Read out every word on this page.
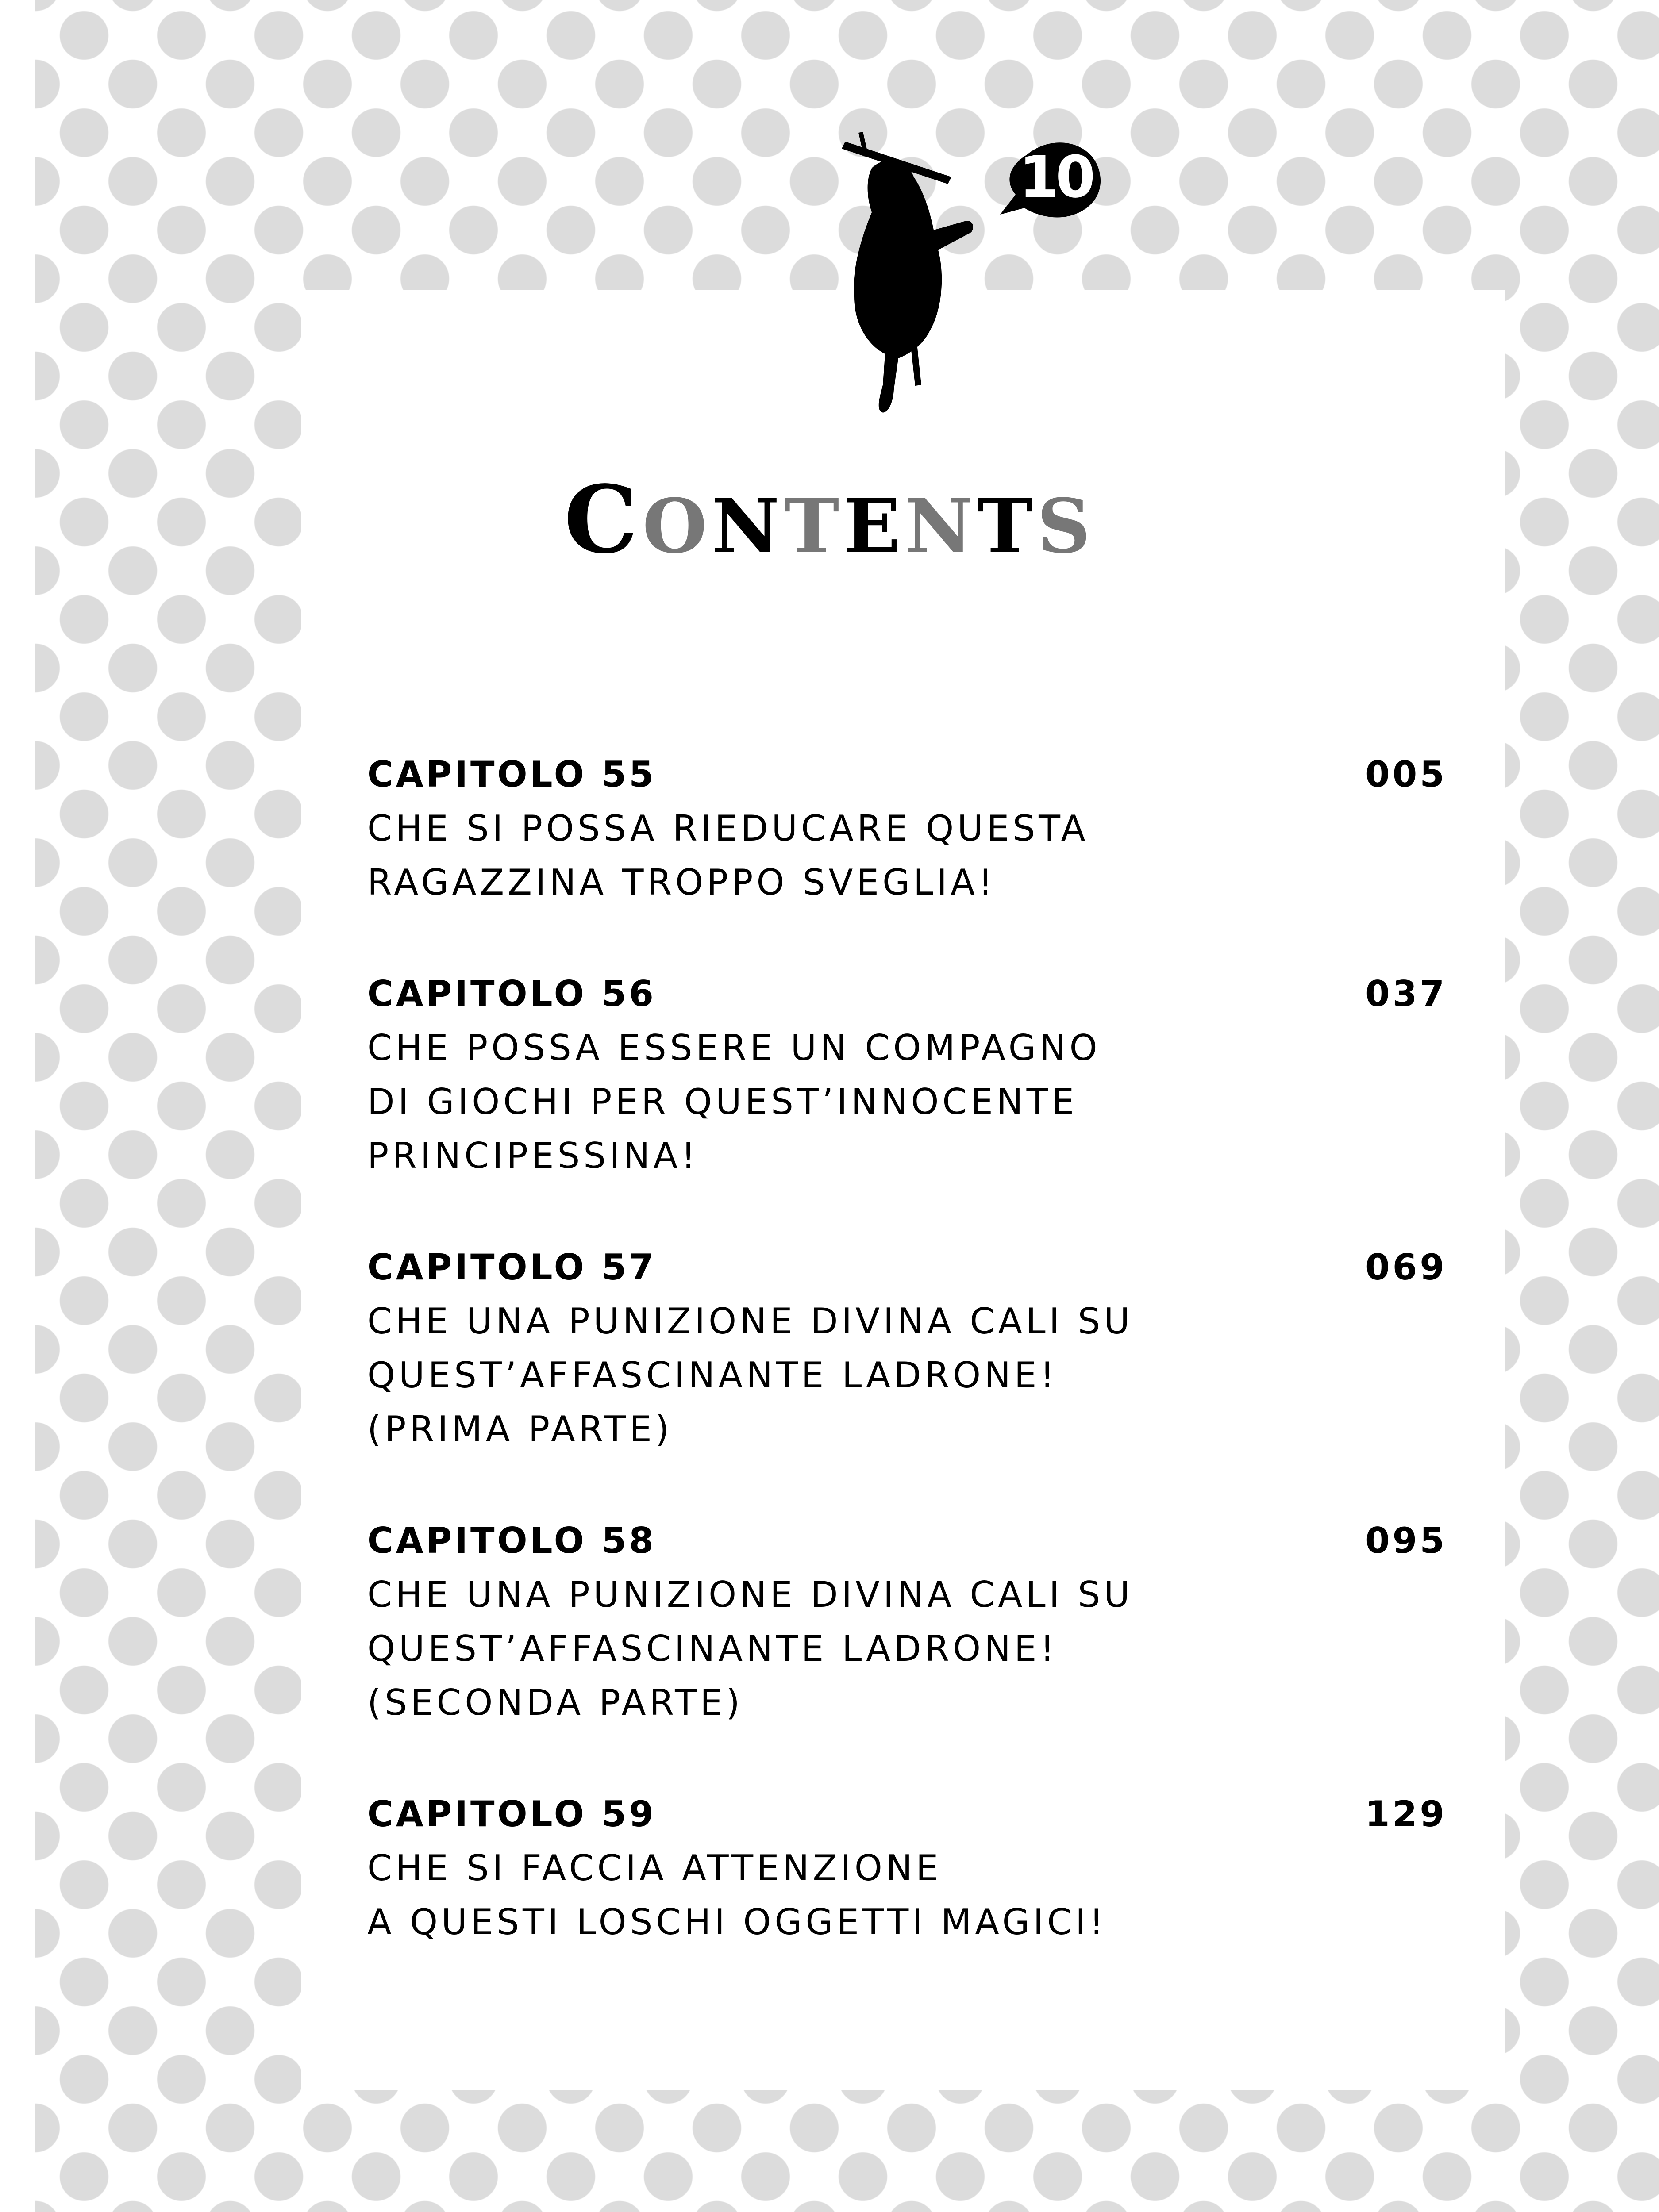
10
CONTENTS
CAPITOLO 55	005
CHE SI POSSA RIEDUCARE QUESTA
RAGAZZINA TROPPO SVEGLIA!
CAPITOLO 56	037
CHE POSSA ESSERE UN COMPAGNO
DI GIOCHI PER QUEST’INNOCENTE
PRINCIPESSINA!
CAPITOLO 57	069
CHE UNA PUNIZIONE DIVINA CALI SU
QUEST’AFFASCINANTE LADRONE!
(PRIMA PARTE)
CAPITOLO 58	095
CHE UNA PUNIZIONE DIVINA CALI SU
QUEST’AFFASCINANTE LADRONE!
(SECONDA PARTE)
CAPITOLO 59	129
CHE SI FACCIA ATTENZIONE
A QUESTI LOSCHI OGGETTI MAGICI!
